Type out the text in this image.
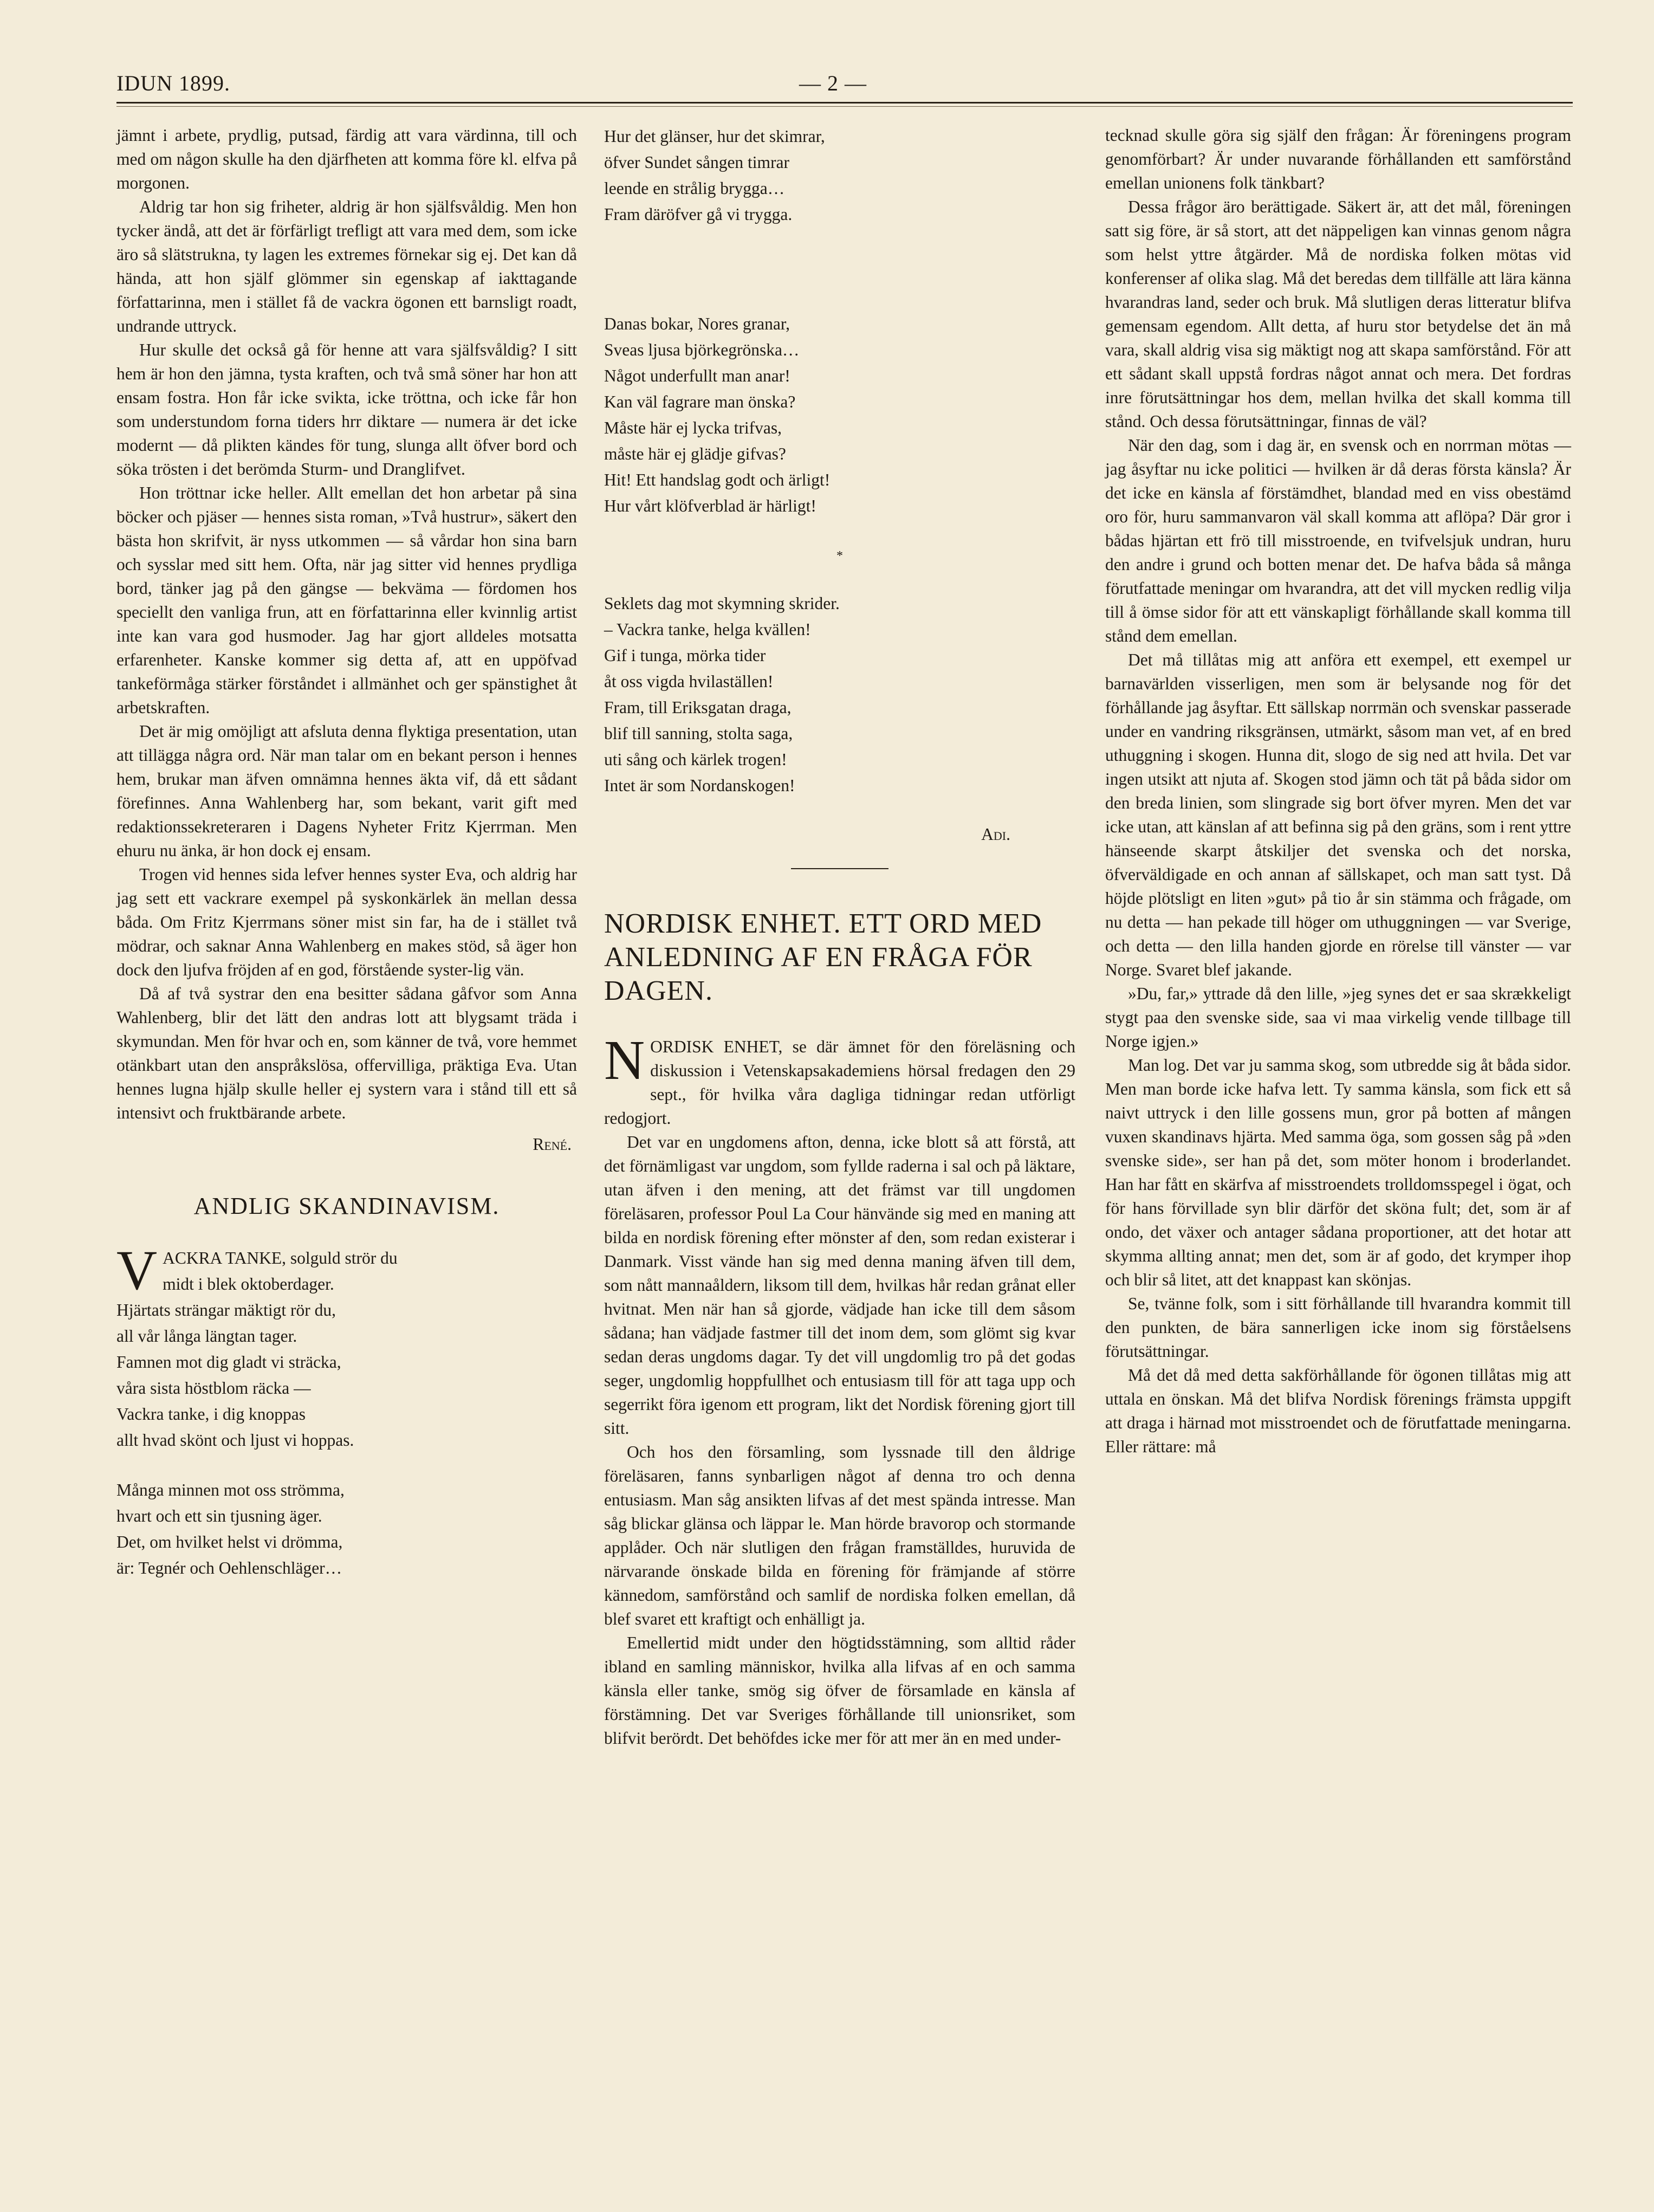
IDUN 1899.	— 2 —

jämnt i arbete, prydlig, putsad, färdig att vara värdinna, till och med om någon skulle ha den djärfheten att komma före kl. elfva på morgonen.

Aldrig tar hon sig friheter, aldrig är hon själfsvåldig. Men hon tycker ändå, att det är förfärligt trefligt att vara med dem, som icke äro så slätstrukna, ty lagen les extremes förnekar sig ej. Det kan då hända, att hon själf glömmer sin egenskap af iakttagande författarinna, men i stället få de vackra ögonen ett barnsligt roadt, undrande uttryck.

Hur skulle det också gå för henne att vara själfsvåldig? I sitt hem är hon den jämna, tysta kraften, och två små söner har hon att ensam fostra. Hon får icke svikta, icke tröttna, och icke får hon som understundom forna tiders hrr diktare — numera är det icke modernt — då plikten kändes för tung, slunga allt öfver bord och söka trösten i det berömda Sturm- und Dranglifvet.

Hon tröttnar icke heller. Allt emellan det hon arbetar på sina böcker och pjäser — hennes sista roman, »Två hustrur», säkert den bästa hon skrifvit, är nyss utkommen — så vårdar hon sina barn och sysslar med sitt hem. Ofta, när jag sitter vid hennes prydliga bord, tänker jag på den gängse — bekväma — fördomen hos speciellt den vanliga frun, att en författarinna eller kvinnlig artist inte kan vara god husmoder. Jag har gjort alldeles motsatta erfarenheter. Kanske kommer sig detta af, att en uppöfvad tankeförmåga stärker förståndet i allmänhet och ger spänstighet åt arbetskraften.

Det är mig omöjligt att afsluta denna flyktiga presentation, utan att tillägga några ord. När man talar om en bekant person i hennes hem, brukar man äfven omnämna hennes äkta vif, då ett sådant förefinnes. Anna Wahlenberg har, som bekant, varit gift med redaktionssekreteraren i Dagens Nyheter Fritz Kjerrman. Men ehuru nu änka, är hon dock ej ensam.

Trogen vid hennes sida lefver hennes syster Eva, och aldrig har jag sett ett vackrare exempel på syskonkärlek än mellan dessa båda. Om Fritz Kjerrmans söner mist sin far, ha de i stället två mödrar, och saknar Anna Wahlenberg en makes stöd, så äger hon dock den ljufva fröjden af en god, förstående syster-lig vän.

Då af två systrar den ena besitter sådana gåfvor som Anna Wahlenberg, blir det lätt den andras lott att blygsamt träda i skymundan. Men för hvar och en, som känner de två, vore hemmet otänkbart utan den anspråkslösa, offervilliga, präktiga Eva. Utan hennes lugna hjälp skulle heller ej systern vara i stånd till ett så intensivt och fruktbärande arbete.

René.
ANDLIG SKANDINAVISM.
V ACKRA TANKE, solguld strör du
midt i blek oktoberdager.
Hjärtats strängar mäktigt rör du,
all vår långa längtan tager.
Famnen mot dig gladt vi sträcka,
våra sista höstblom räcka —
Vackra tanke, i dig knoppas
allt hvad skönt och ljust vi hoppas.
Många minnen mot oss strömma,
hvart och ett sin tjusning äger.
Det, om hvilket helst vi drömma,
är: Tegnér och Oehlenschläger…
Hur det glänser, hur det skimrar,
öfver Sundet sången timrar
leende en strålig brygga…
Fram däröfver gå vi trygga.
Danas bokar, Nores granar,
Sveas ljusa björkegrönska…
Något underfullt man anar!
Kan väl fagrare man önska?
Måste här ej lycka trifvas,
måste här ej glädje gifvas?
Hit! Ett handslag godt och ärligt!
Hur vårt klöfverblad är härligt!
*
Seklets dag mot skymning skrider.
– Vackra tanke, helga kvällen!
Gif i tunga, mörka tider
åt oss vigda hvilaställen!
Fram, till Eriksgatan draga,
blif till sanning, stolta saga,
uti sång och kärlek trogen!
Intet är som Nordanskogen!
Adi.
NORDISK ENHET. ETT ORD MED ANLEDNING AF EN FRÅGA FÖR DAGEN.

NORDISK ENHET, se där ämnet för den föreläsning och diskussion i Vetenskapsakademiens hörsal fredagen den 29 sept., för hvilka våra dagliga tidningar redan utförligt redogjort.

Det var en ungdomens afton, denna, icke blott så att förstå, att det förnämligast var ungdom, som fyllde raderna i sal och på läktare, utan äfven i den mening, att det främst var till ungdomen föreläsaren, professor Poul La Cour hänvände sig med en maning att bilda en nordisk förening efter mönster af den, som redan existerar i Danmark. Visst vände han sig med denna maning äfven till dem, som nått mannaåldern, liksom till dem, hvilkas hår redan grånat eller hvitnat. Men när han så gjorde, vädjade han icke till dem såsom sådana; han vädjade fastmer till det inom dem, som glömt sig kvar sedan deras ungdoms dagar. Ty det vill ungdomlig tro på det godas seger, ungdomlig hoppfullhet och entusiasm till för att taga upp och segerrikt föra igenom ett program, likt det Nordisk förening gjort till sitt.

Och hos den församling, som lyssnade till den åldrige föreläsaren, fanns synbarligen något af denna tro och denna entusiasm. Man såg ansikten lifvas af det mest spända intresse. Man såg blickar glänsa och läppar le. Man hörde bravorop och stormande applåder. Och när slutligen den frågan framställdes, huruvida de närvarande önskade bilda en förening för främjande af större kännedom, samförstånd och samlif de nordiska folken emellan, då blef svaret ett kraftigt och enhälligt ja.

Emellertid midt under den högtidsstämning, som alltid råder ibland en samling människor, hvilka alla lifvas af en och samma känsla eller tanke, smög sig öfver de församlade en känsla af förstämning. Det var Sveriges förhållande till unionsriket, som blifvit berördt. Det behöfdes icke mer för att mer än en med under-

tecknad skulle göra sig själf den frågan: Är föreningens program genomförbart? Är under nuvarande förhållanden ett samförstånd emellan unionens folk tänkbart?

Dessa frågor äro berättigade. Säkert är, att det mål, föreningen satt sig före, är så stort, att det näppeligen kan vinnas genom några som helst yttre åtgärder. Må de nordiska folken mötas vid konferenser af olika slag. Må det beredas dem tillfälle att lära känna hvarandras land, seder och bruk. Må slutligen deras litteratur blifva gemensam egendom. Allt detta, af huru stor betydelse det än må vara, skall aldrig visa sig mäktigt nog att skapa samförstånd. För att ett sådant skall uppstå fordras något annat och mera. Det fordras inre förutsättningar hos dem, mellan hvilka det skall komma till stånd. Och dessa förutsättningar, finnas de väl?

När den dag, som i dag är, en svensk och en norrman mötas — jag åsyftar nu icke politici — hvilken är då deras första känsla? Är det icke en känsla af förstämdhet, blandad med en viss obestämd oro för, huru sammanvaron väl skall komma att aflöpa? Där gror i bådas hjärtan ett frö till misstroende, en tvifvelsjuk undran, huru den andre i grund och botten menar det. De hafva båda så många förutfattade meningar om hvarandra, att det vill mycken redlig vilja till å ömse sidor för att ett vänskapligt förhållande skall komma till stånd dem emellan.

Det må tillåtas mig att anföra ett exempel, ett exempel ur barnavärlden visserligen, men som är belysande nog för det förhållande jag åsyftar. Ett sällskap norrmän och svenskar passerade under en vandring riksgränsen, utmärkt, såsom man vet, af en bred uthuggning i skogen. Hunna dit, slogo de sig ned att hvila. Det var ingen utsikt att njuta af. Skogen stod jämn och tät på båda sidor om den breda linien, som slingrade sig bort öfver myren. Men det var icke utan, att känslan af att befinna sig på den gräns, som i rent yttre hänseende skarpt åtskiljer det svenska och det norska, öfverväldigade en och annan af sällskapet, och man satt tyst. Då höjde plötsligt en liten »gut» på tio år sin stämma och frågade, om nu detta — han pekade till höger om uthuggningen — var Sverige, och detta — den lilla handen gjorde en rörelse till vänster — var Norge. Svaret blef jakande.

»Du, far,» yttrade då den lille, »jeg synes det er saa skrækkeligt stygt paa den svenske side, saa vi maa virkelig vende tillbage till Norge igjen.»

Man log. Det var ju samma skog, som utbredde sig åt båda sidor. Men man borde icke hafva lett. Ty samma känsla, som fick ett så naivt uttryck i den lille gossens mun, gror på botten af mången vuxen skandinavs hjärta. Med samma öga, som gossen såg på »den svenske side», ser han på det, som möter honom i broderlandet. Han har fått en skärfva af misstroendets trolldomsspegel i ögat, och för hans förvillade syn blir därför det sköna fult; det, som är af ondo, det växer och antager sådana proportioner, att det hotar att skymma allting annat; men det, som är af godo, det krymper ihop och blir så litet, att det knappast kan skönjas.

Se, tvänne folk, som i sitt förhållande till hvarandra kommit till den punkten, de bära sannerligen icke inom sig förståelsens förutsättningar.

Må det då med detta sakförhållande för ögonen tillåtas mig att uttala en önskan. Må det blifva Nordisk förenings främsta uppgift att draga i härnad mot misstroendet och de förutfattade meningarna. Eller rättare: må
